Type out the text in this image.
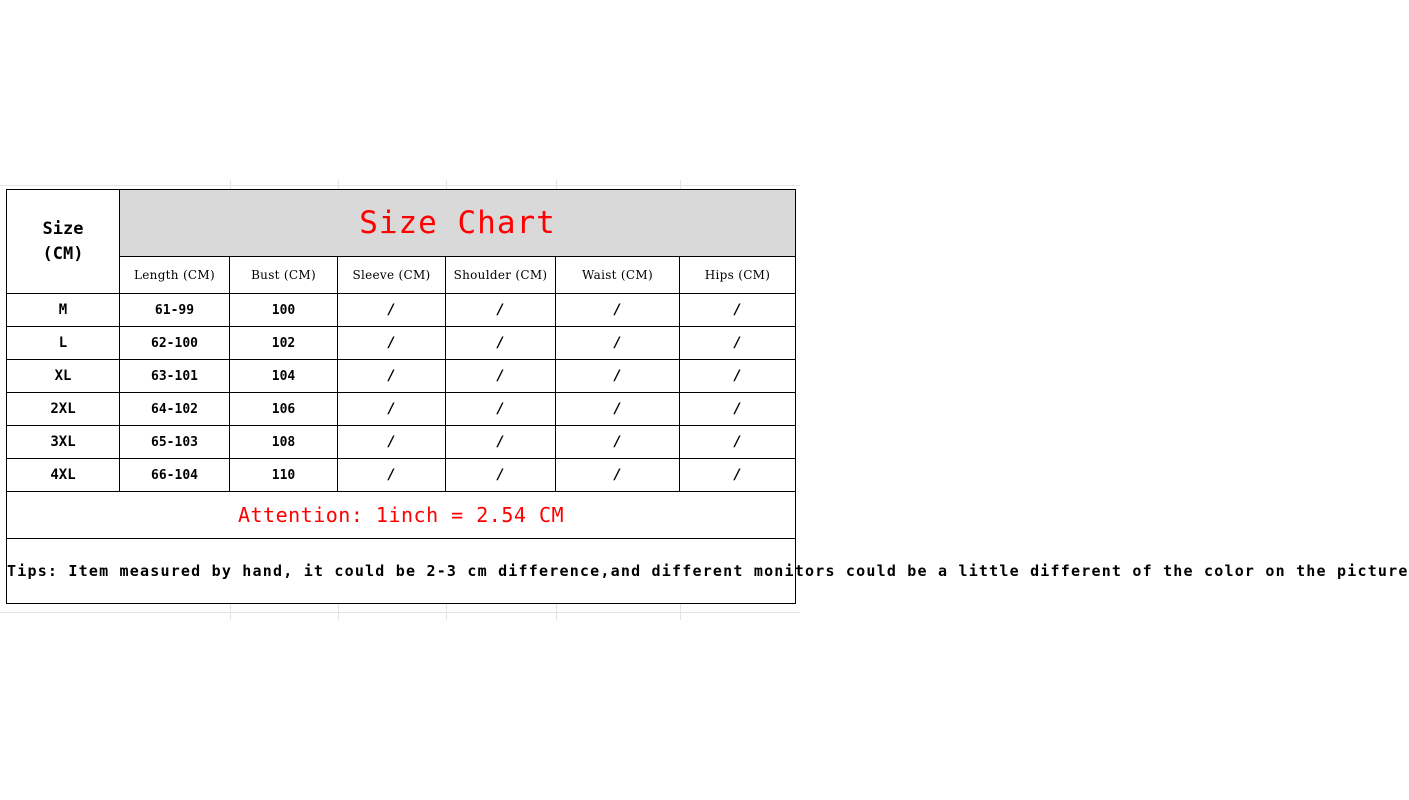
Size
(CM)	Size Chart					
	Length (CM)	Bust (CM)	Sleeve (CM)	Shoulder (CM)	Waist (CM)	Hips (CM)
M	61-99	100	/	/	/	/
L	62-100	102	/	/	/	/
XL	63-101	104	/	/	/	/
2XL	64-102	106	/	/	/	/
3XL	65-103	108	/	/	/	/
4XL	66-104	110	/	/	/	/
Attention: 1inch = 2.54 CM						
Tips: Item measured by hand, it could be 2-3 cm difference,and different monitors could be a little different of the color on the picture						
